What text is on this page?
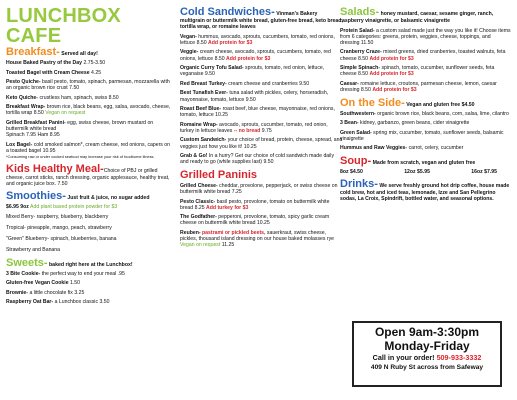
LUNCHBOX CAFE
Breakfast- Served all day!
House Baked Pastry of the Day 2.75-3.50
Toasted Bagel with Cream Cheese 4.25
Pesto Quiche- basil pesto, tomato, spinach, parmesan, mozzarella with an organic brown rice crust 7.50
Keto Quiche- crustless ham, spinach, swiss 8.50
Breakfast Wrap- brown rice, black beans, egg, salsa, avocado, cheese, tortilla wrap 8.50 Vegan on request
Grilled Breakfast Panini- egg, swiss cheese, brown mustard on buttermilk white bread
Spinach 7.95 Ham 8.95
Lox Bagel- cold smoked salmon*, cream cheese, red onions, capers on a toasted bagel 10.95
*Consuming raw or under cooked seafood may increase your risk of foodborne illness.
Kids Healthy Meal-Choice of PBJ or grilled cheese, carrot sticks, ranch dressing, organic applesauce, healthy treat, and organic juice box. 7.50
Smoothies- Just fruit & juice, no sugar added
$6.95 9oz Add plant based protein powder for $3
Mixed Berry- raspberry, blueberry, blackberry
Tropical- pineapple, mango, peach, strawberry
"Green" Blueberry- spinach, blueberries, banana
Strawberry and Banana
Sweets- baked right here at the Lunchbox!
3 Bite Cookie- the perfect way to end your meal .95
Gluten-free Vegan Cookie 1.50
Brownie- a little chocolate fix 3.25
Raspberry Oat Bar- a Lunchbox classic 3.50
Cold Sandwiches- Vinman's Bakery multigrain or buttermilk white bread, gluten-free bread, keto bread, tortilla wrap, or romaine leaves
Vegan- hummus, avocado, sprouts, cucumbers, tomato, red onions, lettuce 8.50 Add protein for $3
Veggie- cream cheese, avocado, sprouts, cucumbers, tomato, red onions, lettuce 8.50 Add protein for $3
Organic Curry Tofu Salad- sprouts, tomato, red onion, lettuce, veganaise 9.50
Red Breast Turkey- cream cheese and cranberries 9.50
Best Tunafish Ever- tuna salad with pickles, celery, horseradish, mayonnaise, tomato, lettuce 9.50
Roast Beef Blue- roast beef, blue cheese, mayonnaise, red onions, tomato, lettuce 10.25
Romaine Wrap- avocado, sprouts, cucumber, tomato, red onion, turkey in lettuce leaves -- no bread 9.75
Custom Sandwich- your choice of bread, protein, cheese, spread, and veggies just how you like it! 10.25
Grab & Go! In a hurry? Get our choice of cold sandwich made daily and ready to go (while supplies last) 9.50
Grilled Paninis
Grilled Cheese- cheddar, provolone, pepperjack, or swiss cheese on buttermilk white bread 7.25
Pesto Classic- basil pesto, provolone, tomato on buttermilk white bread 8.25 Add turkey for $3
The Godfather- pepperoni, provolone, tomato, spicy garlic cream cheese on buttermilk white bread 10.25
Reuben- pastrami or pickled beets, sauerkraut, swiss cheese, pickles, thousand island dressing on our house baked molasses rye Vegan on request 11.25
Salads- honey mustard, caesar, sesame ginger, ranch, raspberry vinaigrette, or balsamic vinaigrette
Protein Salad- a custom salad made just the way you like it! Choose items from 6 categories: greens, protein, veggies, cheese, toppings, and dressing 11.50
Cranberry Craze- mixed greens, dried cranberries, toasted walnuts, feta cheese 8.50 Add protein for $3
Simple Spinach- spinach, tomato, cucumber, sunflower seeds, feta cheese 8.50 Add protein for $3
Caesar- romaine lettuce, croutons, parmesan cheese, lemon, caesar dressing 8.50 Add protein for $3
On the Side- Vegan and gluten free $4.50
Southwestern- organic brown rice, black beans, corn, salsa, lime, cilantro
3 Bean- kidney, garbanzo, green beans, cider vinaigrette
Green Salad- spring mix, cucumber, tomato, sunflower seeds, balsamic vinaigrette
Hummus and Raw Veggies- carrot, celery, cucumber
Soup- Made from scratch, vegan and gluten free
8oz $4.50	12oz $5.95	16oz $7.95
Drinks- We serve freshly ground hot drip coffee, house made cold brew, hot and iced teas, lemonade, Izze and San Pellegrino sodas, La Croix, Spindrift, bottled water, and seasonal options.
Open 9am-3:30pm
Monday-Friday
Call in your order! 509-933-3332
409 N Ruby St across from Safeway
